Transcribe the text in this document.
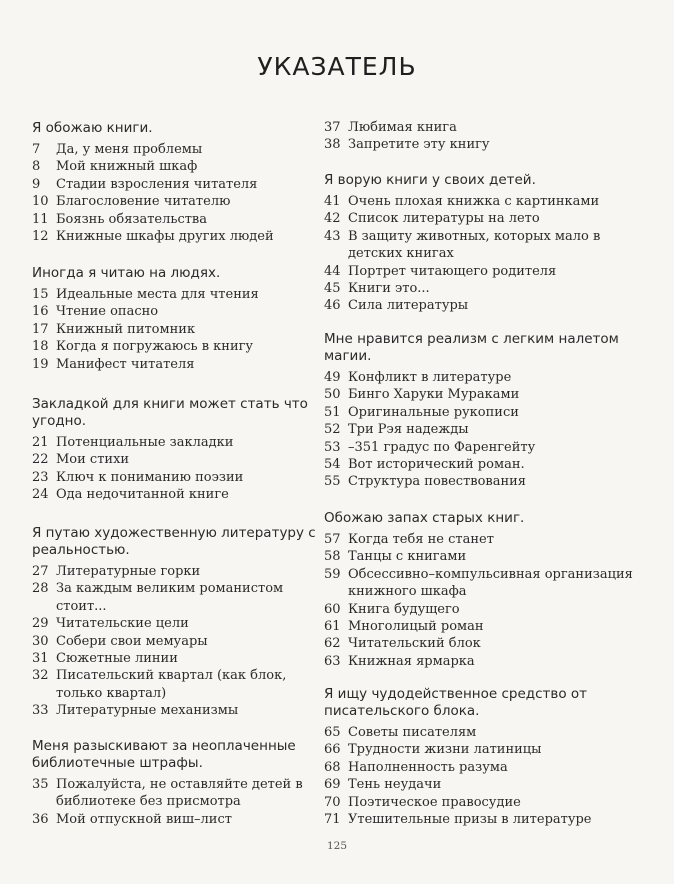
УКАЗАТЕЛЬ
Я обожаю книги.
7	Да, у меня проблемы
8	Мой книжный шкаф
9	Стадии взросления читателя
10 Благословение читателю
11 Боязнь обязательства
12 Книжные шкафы других людей
Иногда я читаю на людях.
15 Идеальные места для чтения
16 Чтение опасно
17 Книжный питомник
18 Когда я погружаюсь в книгу
19 Манифест читателя
Закладкой для книги может стать что угодно.
21 Потенциальные закладки
22 Мои стихи
23 Ключ к пониманию поэзии
24 Ода недочитанной книге
Я путаю художественную литературу с реальностью.
27 Литературные горки
28 За каждым великим романистом стоит...
29 Читательские цели
30 Собери свои мемуары
31 Сюжетные линии
32 Писательский квартал (как блок, только квартал)
33 Литературные механизмы
Меня разыскивают за неоплаченные библиотечные штрафы.
35 Пожалуйста, не оставляйте детей в библиотеке без присмотра
36 Мой отпускной виш–лист
37 Любимая книга
38 Запретите эту книгу
Я ворую книги у своих детей.
41 Очень плохая книжка с картинками
42 Список литературы на лето
43 В защиту животных, которых мало в детских книгах
44 Портрет читающего родителя
45 Книги это...
46 Сила литературы
Мне нравится реализм с легким налетом магии.
49 Конфликт в литературе
50 Бинго Харуки Мураками
51 Оригинальные рукописи
52 Три Рэя надежды
53 –351 градус по Фаренгейту
54 Вот исторический роман.
55 Структура повествования
Обожаю запах старых книг.
57 Когда тебя не станет
58 Танцы с книгами
59 Обсессивно–компульсивная организация книжного шкафа
60 Книга будущего
61 Многолицый роман
62 Читательский блок
63 Книжная ярмарка
Я ищу чудодейственное средство от писательского блока.
65 Советы писателям
66 Трудности жизни латиницы
68 Наполненность разума
69 Тень неудачи
70 Поэтическое правосудие
71 Утешительные призы в литературе
125
